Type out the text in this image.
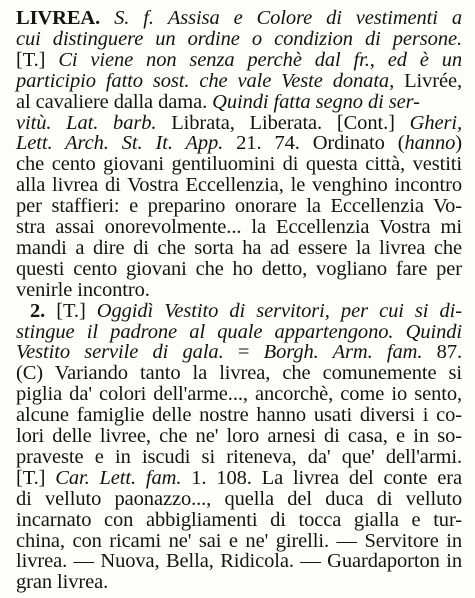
LIVREA. S. f. Assisa e Colore di vestimenti a
cui distinguere un ordine o condizion di persone.
[T.] Ci viene non senza perchè dal fr., ed è un
participio fatto sost. che vale Veste donata, Livrée,
al cavaliere dalla dama. Quindi fatta segno di ser-
vitù. Lat. barb. Librata, Liberata. [Cont.] Gheri,
Lett. Arch. St. It. App. 21. 74. Ordinato (hanno)
che cento giovani gentiluomini di questa città, vestiti
alla livrea di Vostra Eccellenzia, le venghino incontro
per staffieri: e preparino onorare la Eccellenzia Vo-
stra assai onorevolmente... la Eccellenzia Vostra mi
mandi a dire di che sorta ha ad essere la livrea che
questi cento giovani che ho detto, vogliano fare per
venirle incontro.
2. [T.] Oggidì Vestito di servitori, per cui si di-
stingue il padrone al quale appartengono. Quindi
Vestito servile di gala. = Borgh. Arm. fam. 87.
(C) Variando tanto la livrea, che comunemente si
piglia da' colori dell'arme..., ancorchè, come io sento,
alcune famiglie delle nostre hanno usati diversi i co-
lori delle livree, che ne' loro arnesi di casa, e in so-
praveste e in iscudi si riteneva, da' que' dell'armi.
[T.] Car. Lett. fam. 1. 108. La livrea del conte era
di velluto paonazzo..., quella del duca di velluto
incarnato con abbigliamenti di tocca gialla e tur-
china, con ricami ne' sai e ne' girelli. — Servitore in
livrea. — Nuova, Bella, Ridicola. — Guardaporton in
gran livrea.
